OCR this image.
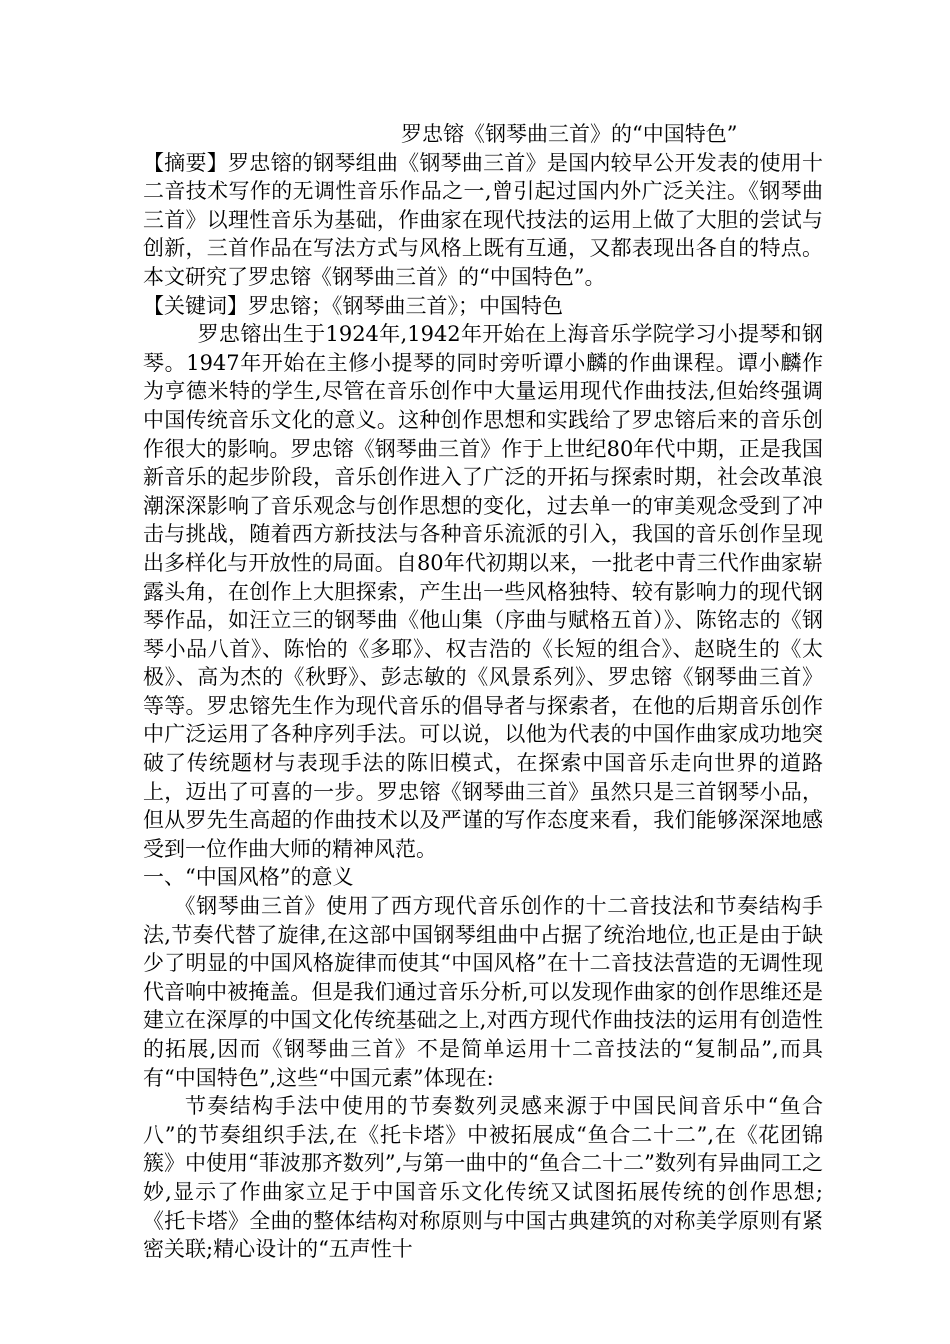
罗忠镕《钢琴曲三首》的“中国特色”

【摘要】罗忠镕的钢琴组曲《钢琴曲三首》是国内较早公开发表的使用十二音技术写作的无调性音乐作品之一,曾引起过国内外广泛关注。《钢琴曲三首》以理性音乐为基础，作曲家在现代技法的运用上做了大胆的尝试与创新，三首作品在写法方式与风格上既有互通，又都表现出各自的特点。本文研究了罗忠镕《钢琴曲三首》的“中国特色”。

【关键词】罗忠镕；《钢琴曲三首》；中国特色

罗忠镕出生于1924年,1942年开始在上海音乐学院学习小提琴和钢琴。1947年开始在主修小提琴的同时旁听谭小麟的作曲课程。谭小麟作为亨德米特的学生,尽管在音乐创作中大量运用现代作曲技法,但始终强调中国传统音乐文化的意义。这种创作思想和实践给了罗忠镕后来的音乐创作很大的影响。罗忠镕《钢琴曲三首》作于上世纪80年代中期，正是我国新音乐的起步阶段，音乐创作进入了广泛的开拓与探索时期，社会改革浪潮深深影响了音乐观念与创作思想的变化，过去单一的审美观念受到了冲击与挑战，随着西方新技法与各种音乐流派的引入，我国的音乐创作呈现出多样化与开放性的局面。自80年代初期以来，一批老中青三代作曲家崭露头角，在创作上大胆探索，产生出一些风格独特、较有影响力的现代钢琴作品，如汪立三的钢琴曲《他山集（序曲与赋格五首）》、陈铭志的《钢琴小品八首》、陈怡的《多耶》、权吉浩的《长短的组合》、赵晓生的《太极》、高为杰的《秋野》、彭志敏的《风景系列》、罗忠镕《钢琴曲三首》等等。罗忠镕先生作为现代音乐的倡导者与探索者，在他的后期音乐创作中广泛运用了各种序列手法。可以说，以他为代表的中国作曲家成功地突破了传统题材与表现手法的陈旧模式，在探索中国音乐走向世界的道路上，迈出了可喜的一步。罗忠镕《钢琴曲三首》虽然只是三首钢琴小品，但从罗先生高超的作曲技术以及严谨的写作态度来看，我们能够深深地感受到一位作曲大师的精神风范。

一、“中国风格”的意义

《钢琴曲三首》使用了西方现代音乐创作的十二音技法和节奏结构手法,节奏代替了旋律,在这部中国钢琴组曲中占据了统治地位,也正是由于缺少了明显的中国风格旋律而使其“中国风格”在十二音技法营造的无调性现代音响中被掩盖。但是我们通过音乐分析,可以发现作曲家的创作思维还是建立在深厚的中国文化传统基础之上,对西方现代作曲技法的运用有创造性的拓展,因而《钢琴曲三首》不是简单运用十二音技法的“复制品”,而具有“中国特色”,这些“中国元素”体现在:

节奏结构手法中使用的节奏数列灵感来源于中国民间音乐中“鱼合八”的节奏组织手法,在《托卡塔》中被拓展成“鱼合二十二”,在《花团锦簇》中使用“菲波那齐数列”,与第一曲中的“鱼合二十二”数列有异曲同工之妙,显示了作曲家立足于中国音乐文化传统又试图拓展传统的创作思想;《托卡塔》全曲的整体结构对称原则与中国古典建筑的对称美学原则有紧密关联;精心设计的“五声性十
